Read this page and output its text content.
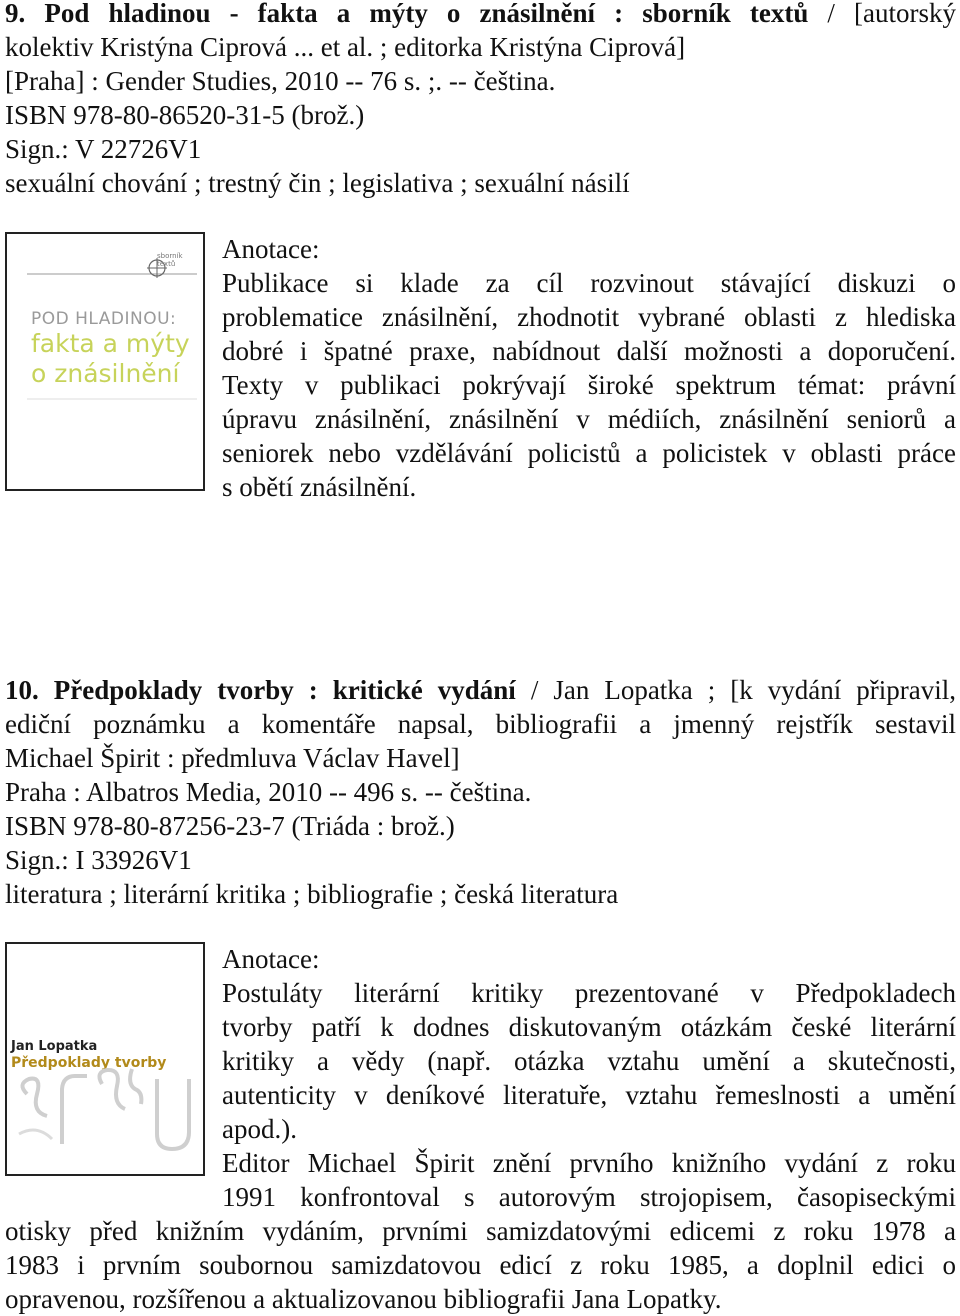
9. Pod hladinou - fakta a mýty o znásilnění : sborník textů / [autorský
kolektiv Kristýna Ciprová ... et al. ; editorka Kristýna Ciprová]
[Praha] : Gender Studies, 2010 -- 76 s. ;. -- čeština.
ISBN 978-80-86520-31-5 (brož.)
Sign.: V 22726V1
sexuální chování ; trestný čin ; legislativa ; sexuální násilí
sborník textů
POD HLADINOU:
fakta a mýty
o znásilnění
Anotace:
Publikace si klade za cíl rozvinout stávající diskuzi o
problematice znásilnění, zhodnotit vybrané oblasti z hlediska
dobré i špatné praxe, nabídnout další možnosti a doporučení.
Texty v publikaci pokrývají široké spektrum témat: právní
úpravu znásilnění, znásilnění v médiích, znásilnění seniorů a
seniorek nebo vzdělávání policistů a policistek v oblasti práce
s obětí znásilnění.
10. Předpoklady tvorby : kritické vydání / Jan Lopatka ; [k vydání připravil,
ediční poznámku a komentáře napsal, bibliografii a jmenný rejstřík sestavil
Michael Špirit : předmluva Václav Havel]
Praha : Albatros Media, 2010 -- 496 s. -- čeština.
ISBN 978-80-87256-23-7 (Triáda : brož.)
Sign.: I 33926V1
literatura ; literární kritika ; bibliografie ; česká literatura
Jan Lopatka
Předpoklady tvorby
Anotace:
Postuláty literární kritiky prezentované v Předpokladech
tvorby patří k dodnes diskutovaným otázkám české literární
kritiky a vědy (např. otázka vztahu umění a skutečnosti,
autenticity v deníkové literatuře, vztahu řemeslnosti a umění
apod.).
Editor Michael Špirit znění prvního knižního vydání z roku
1991 konfrontoval s autorovým strojopisem, časopiseckými
otisky před knižním vydáním, prvními samizdatovými edicemi z roku 1978 a
1983 i prvním soubornou samizdatovou edicí z roku 1985, a doplnil edici o
opravenou, rozšířenou a aktualizovanou bibliografii Jana Lopatky.
